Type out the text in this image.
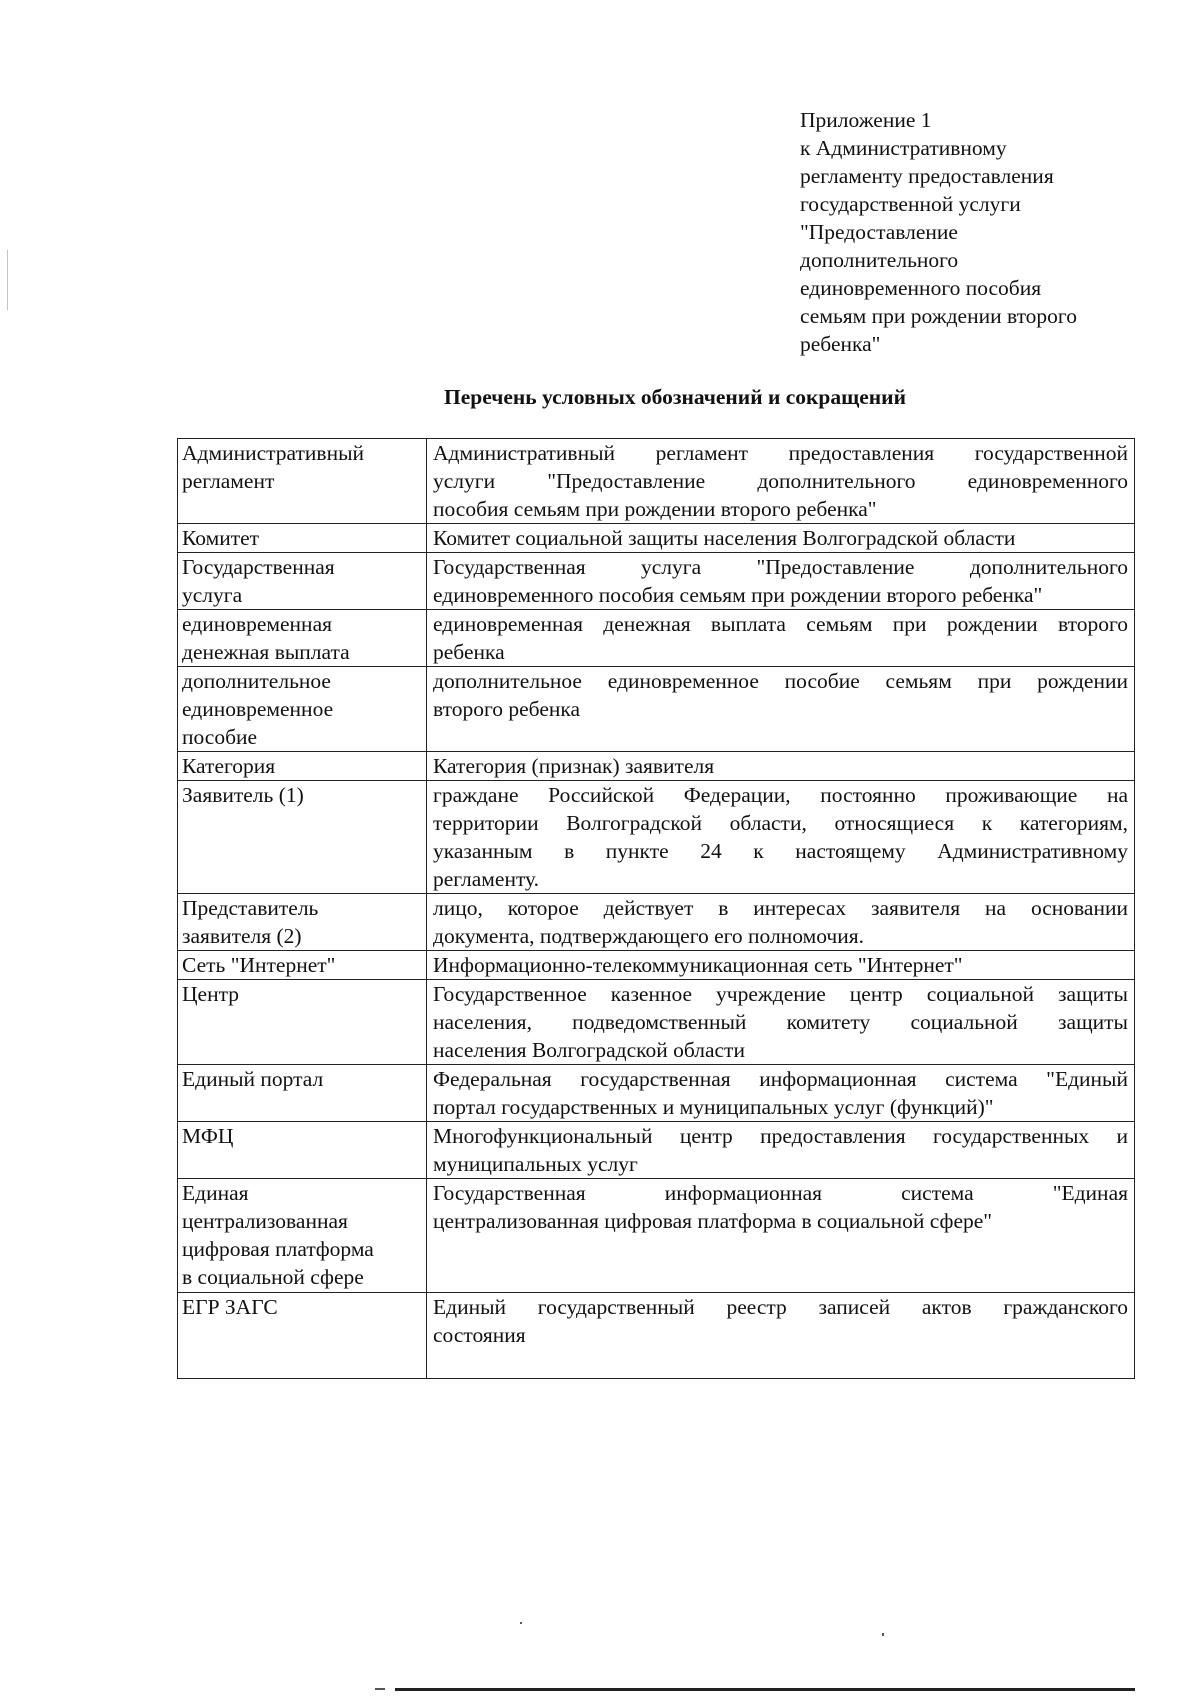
Приложение 1
к Административному
регламенту предоставления
государственной услуги
"Предоставление
дополнительного
единовременного пособия
семьям при рождении второго
ребенка"
Перечень условных обозначений и сокращений
Административный
регламент	Административный регламент предоставления государственной
услуги "Предоставление дополнительного единовременного
пособия семьям при рождении второго ребенка"

Комитет	Комитет социальной защиты населения Волгоградской области

Государственная
услуга	Государственная услуга "Предоставление дополнительного
единовременного пособия семьям при рождении второго ребенка"

единовременная
денежная выплата	единовременная денежная выплата семьям при рождении второго
ребенка

дополнительное
единовременное
пособие	дополнительное единовременное пособие семьям при рождении
второго ребенка

Категория	Категория (признак) заявителя

Заявитель (1)	граждане Российской Федерации, постоянно проживающие на
территории Волгоградской области, относящиеся к категориям,
указанным в пункте 24 к настоящему Административному
регламенту.

Представитель
заявителя (2)	лицо, которое действует в интересах заявителя на основании
документа, подтверждающего его полномочия.

Сеть "Интернет"	Информационно-телекоммуникационная сеть "Интернет"

Центр	Государственное казенное учреждение центр социальной защиты
населения, подведомственный комитету социальной защиты
населения Волгоградской области

Единый портал	Федеральная государственная информационная система "Единый
портал государственных и муниципальных услуг (функций)"

МФЦ	Многофункциональный центр предоставления государственных и
муниципальных услуг

Единая
централизованная
цифровая платформа
в социальной сфере	Государственная информационная система "Единая
централизованная цифровая платформа в социальной сфере"

ЕГР ЗАГС	Единый государственный реестр записей актов гражданского
состояния
